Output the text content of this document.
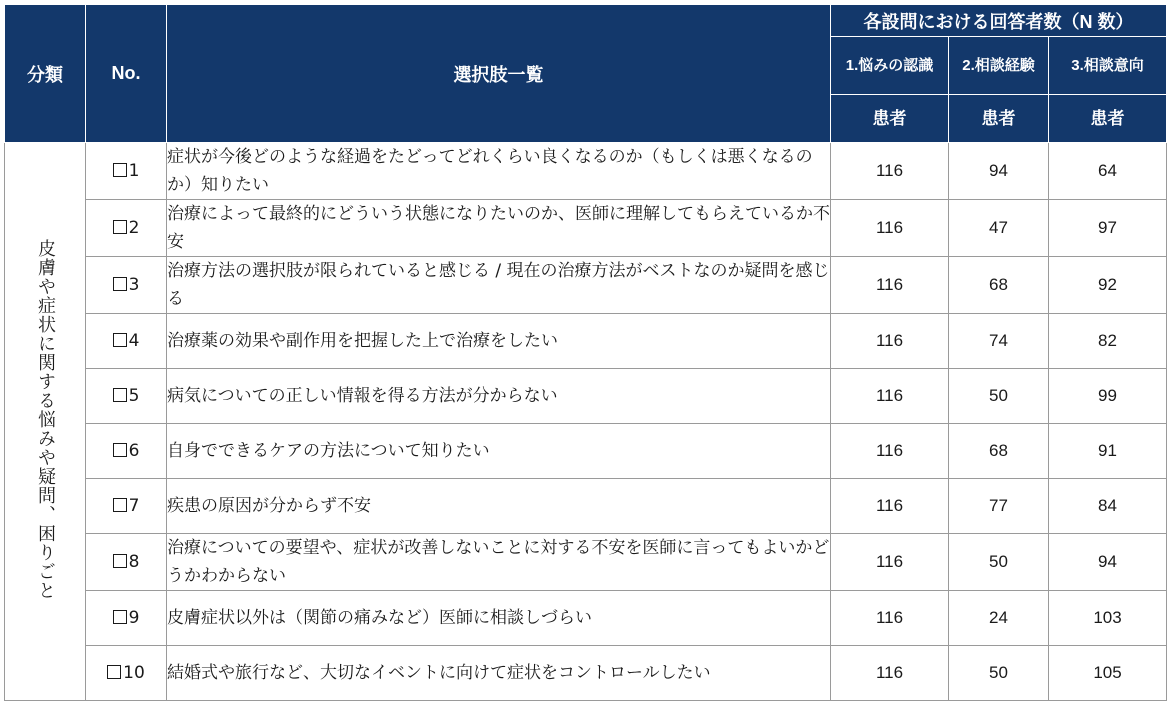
分類	No.	選択肢一覧	各設問における回答者数（N 数）		
			1.悩みの認識	2.相談経験	3.相談意向
			患者	患者	患者
皮膚や症状に関する悩みや疑問、困りごと	1	症状が今後どのような経過をたどってどれくらい良くなるのか（もしくは悪くなるのか）知りたい	116	94	64
	2	治療によって最終的にどういう状態になりたいのか、医師に理解してもらえているか不安	116	47	97
	3	治療方法の選択肢が限られていると感じる / 現在の治療方法がベストなのか疑問を感じる	116	68	92
	4	治療薬の効果や副作用を把握した上で治療をしたい	116	74	82
	5	病気についての正しい情報を得る方法が分からない	116	50	99
	6	自身でできるケアの方法について知りたい	116	68	91
	7	疾患の原因が分からず不安	116	77	84
	8	治療についての要望や、症状が改善しないことに対する不安を医師に言ってもよいかどうかわからない	116	50	94
	9	皮膚症状以外は（関節の痛みなど）医師に相談しづらい	116	24	103
	10	結婚式や旅行など、大切なイベントに向けて症状をコントロールしたい	116	50	105
